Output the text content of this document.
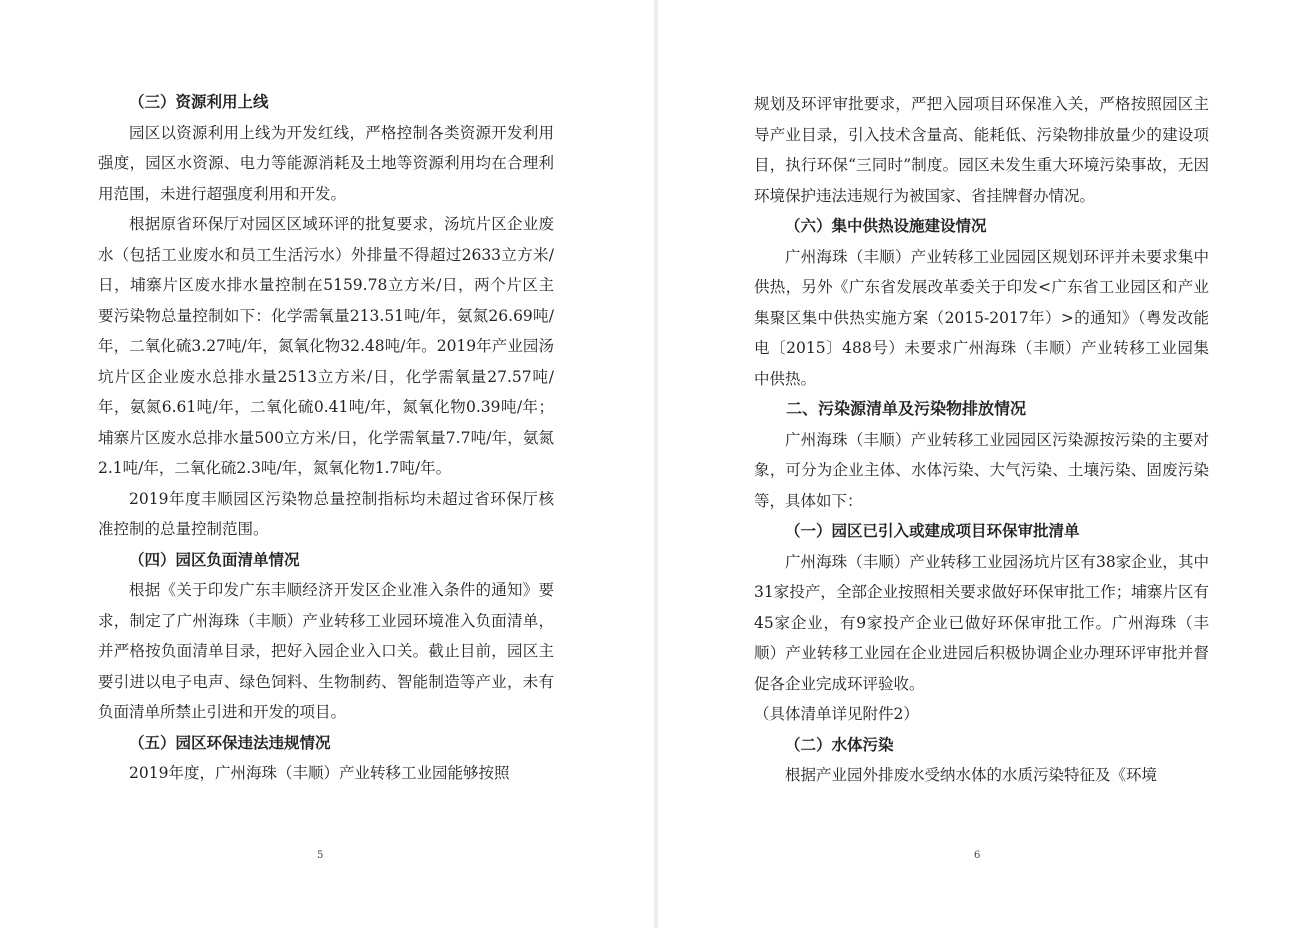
（三）资源利用上线

园区以资源利用上线为开发红线，严格控制各类资源开发利用强度，园区水资源、电力等能源消耗及土地等资源利用均在合理利用范围，未进行超强度利用和开发。

根据原省环保厅对园区区域环评的批复要求，汤坑片区企业废水（包括工业废水和员工生活污水）外排量不得超过2633立方米/日，埔寨片区废水排水量控制在5159.78立方米/日，两个片区主要污染物总量控制如下：化学需氧量213.51吨/年，氨氮26.69吨/年，二氧化硫3.27吨/年，氮氧化物32.48吨/年。2019年产业园汤坑片区企业废水总排水量2513立方米/日，化学需氧量27.57吨/年，氨氮6.61吨/年，二氧化硫0.41吨/年，氮氧化物0.39吨/年；埔寨片区废水总排水量500立方米/日，化学需氧量7.7吨/年，氨氮2.1吨/年，二氧化硫2.3吨/年，氮氧化物1.7吨/年。

2019年度丰顺园区污染物总量控制指标均未超过省环保厅核准控制的总量控制范围。

（四）园区负面清单情况

根据《关于印发广东丰顺经济开发区企业准入条件的通知》要求，制定了广州海珠（丰顺）产业转移工业园环境准入负面清单，并严格按负面清单目录，把好入园企业入口关。截止目前，园区主要引进以电子电声、绿色饲料、生物制药、智能制造等产业，未有负面清单所禁止引进和开发的项目。

（五）园区环保违法违规情况

2019年度，广州海珠（丰顺）产业转移工业园能够按照

5

规划及环评审批要求，严把入园项目环保准入关，严格按照园区主导产业目录，引入技术含量高、能耗低、污染物排放量少的建设项目，执行环保“三同时”制度。园区未发生重大环境污染事故，无因环境保护违法违规行为被国家、省挂牌督办情况。

（六）集中供热设施建设情况

广州海珠（丰顺）产业转移工业园园区规划环评并未要求集中供热，另外《广东省发展改革委关于印发<广东省工业园区和产业集聚区集中供热实施方案（2015-2017年）>的通知》（粤发改能电〔2015〕488号）未要求广州海珠（丰顺）产业转移工业园集中供热。

二、污染源清单及污染物排放情况

广州海珠（丰顺）产业转移工业园园区污染源按污染的主要对象，可分为企业主体、水体污染、大气污染、土壤污染、固废污染等，具体如下：

（一）园区已引入或建成项目环保审批清单

广州海珠（丰顺）产业转移工业园汤坑片区有38家企业，其中31家投产，全部企业按照相关要求做好环保审批工作；埔寨片区有45家企业，有9家投产企业已做好环保审批工作。广州海珠（丰顺）产业转移工业园在企业进园后积极协调企业办理环评审批并督促各企业完成环评验收。

（具体清单详见附件2）

（二）水体污染

根据产业园外排废水受纳水体的水质污染特征及《环境

6
